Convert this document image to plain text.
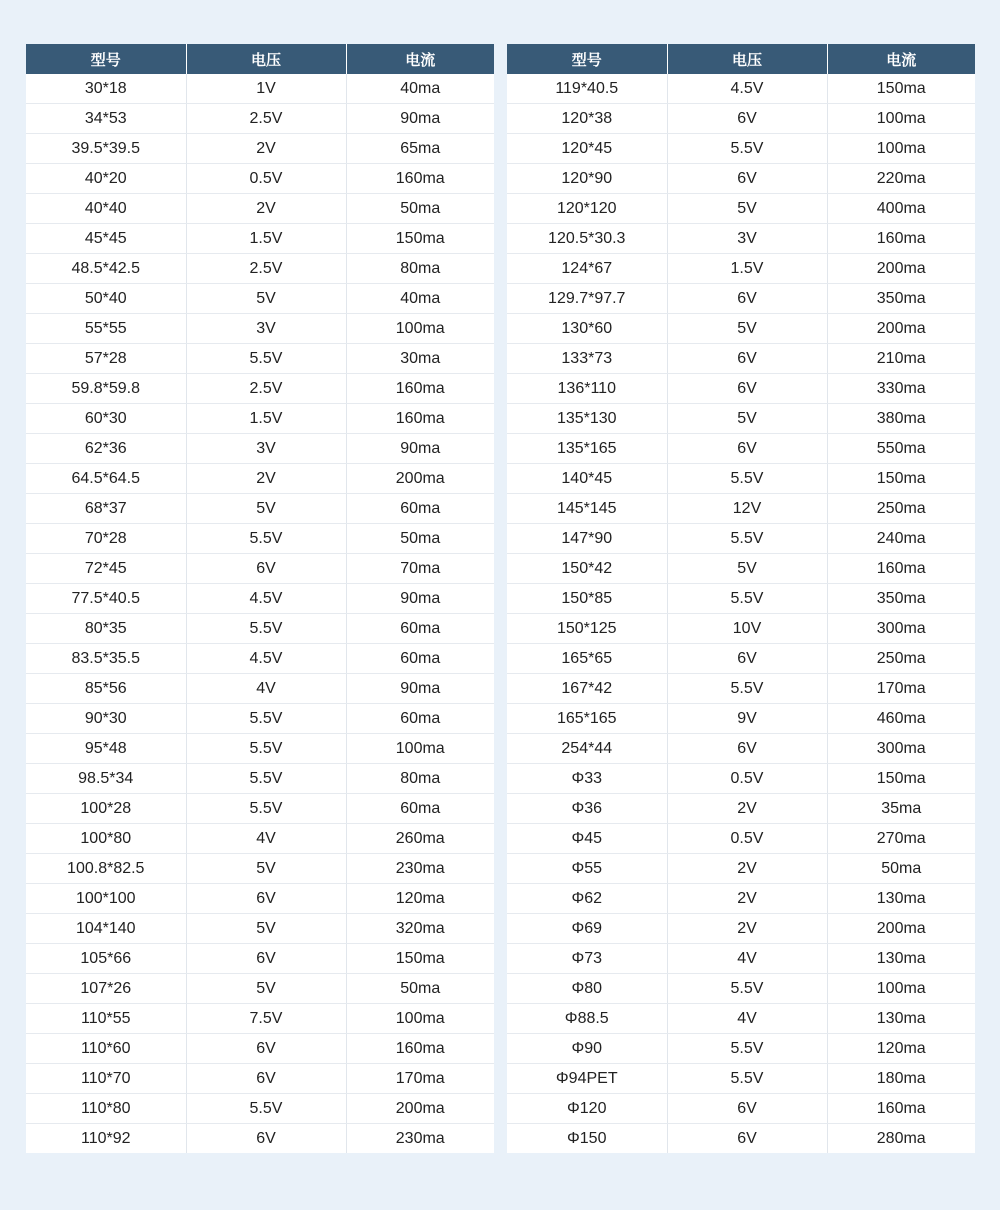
型号	电压	电流
30*18	1V	40ma
34*53	2.5V	90ma
39.5*39.5	2V	65ma
40*20	0.5V	160ma
40*40	2V	50ma
45*45	1.5V	150ma
48.5*42.5	2.5V	80ma
50*40	5V	40ma
55*55	3V	100ma
57*28	5.5V	30ma
59.8*59.8	2.5V	160ma
60*30	1.5V	160ma
62*36	3V	90ma
64.5*64.5	2V	200ma
68*37	5V	60ma
70*28	5.5V	50ma
72*45	6V	70ma
77.5*40.5	4.5V	90ma
80*35	5.5V	60ma
83.5*35.5	4.5V	60ma
85*56	4V	90ma
90*30	5.5V	60ma
95*48	5.5V	100ma
98.5*34	5.5V	80ma
100*28	5.5V	60ma
100*80	4V	260ma
100.8*82.5	5V	230ma
100*100	6V	120ma
104*140	5V	320ma
105*66	6V	150ma
107*26	5V	50ma
110*55	7.5V	100ma
110*60	6V	160ma
110*70	6V	170ma
110*80	5.5V	200ma
110*92	6V	230ma
型号	电压	电流
119*40.5	4.5V	150ma
120*38	6V	100ma
120*45	5.5V	100ma
120*90	6V	220ma
120*120	5V	400ma
120.5*30.3	3V	160ma
124*67	1.5V	200ma
129.7*97.7	6V	350ma
130*60	5V	200ma
133*73	6V	210ma
136*110	6V	330ma
135*130	5V	380ma
135*165	6V	550ma
140*45	5.5V	150ma
145*145	12V	250ma
147*90	5.5V	240ma
150*42	5V	160ma
150*85	5.5V	350ma
150*125	10V	300ma
165*65	6V	250ma
167*42	5.5V	170ma
165*165	9V	460ma
254*44	6V	300ma
Φ33	0.5V	150ma
Φ36	2V	35ma
Φ45	0.5V	270ma
Φ55	2V	50ma
Φ62	2V	130ma
Φ69	2V	200ma
Φ73	4V	130ma
Φ80	5.5V	100ma
Φ88.5	4V	130ma
Φ90	5.5V	120ma
Φ94PET	5.5V	180ma
Φ120	6V	160ma
Φ150	6V	280ma
